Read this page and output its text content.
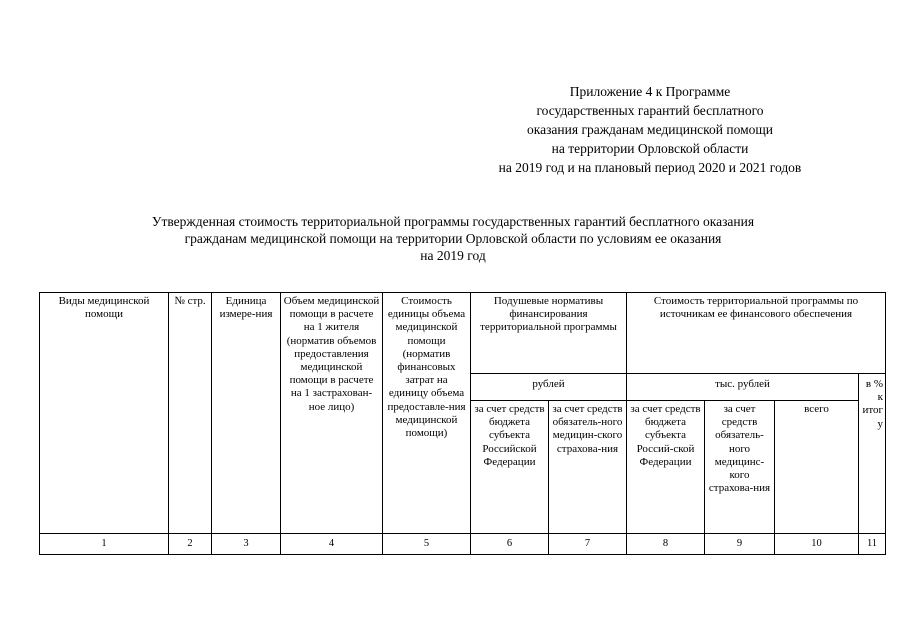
Приложение 4 к Программе
государственных гарантий бесплатного
оказания гражданам медицинской помощи
на территории Орловской области
на 2019 год и на плановый период 2020 и 2021 годов
Утвержденная стоимость территориальной программы государственных гарантий бесплатного оказания
гражданам медицинской помощи на территории Орловской области по условиям ее оказания
на 2019 год
Виды медицинской помощи	№ стр.	Единица измере-ния	Объем медицинской помощи в расчете на 1 жителя (норматив объемов предоставления медицинской помощи в расчете на 1 застрахован-ное лицо)	Стоимость единицы объема медицинской помощи (норматив финансовых затрат на единицу объема предоставле-ния медицинской помощи)	Подушевые нормативы финансирования территориальной программы		Стоимость территориальной программы по источникам ее финансового обеспечения			
					рублей		тыс. рублей			в % к итогу
					за счет средств бюджета субъекта Российской Федерации	за счет средств обязатель-ного медицин-ского страхова-ния	за счет средств бюджета субъекта Россий-ской Федерации	за счет средств обязатель-ного медицинс-кого страхова-ния	всего	
1	2	3	4	5	6	7	8	9	10	11
